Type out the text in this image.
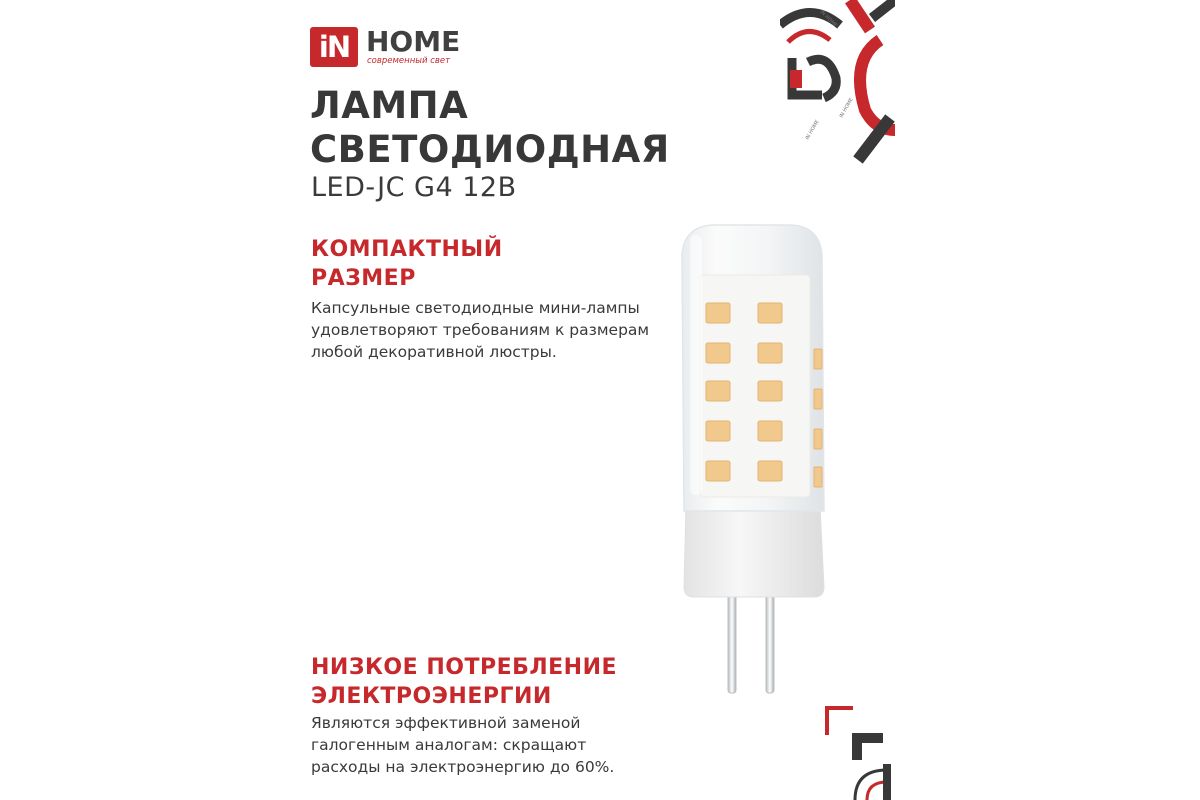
iN HOME
современный свет
ЛАМПА
СВЕТОДИОДНАЯ
LED-JC G4 12В
КОМПАКТНЫЙ
РАЗМЕР
Капсульные светодиодные мини-лампы
удовлетворяют требованиям к размерам
любой декоративной люстры.
НИЗКОЕ ПОТРЕБЛЕНИЕ
ЭЛЕКТРОЭНЕРГИИ
Являются эффективной заменой
галогенным аналогам: скращают
расходы на электроэнергию до 60%.
IN HOME
IN HOME
IN HOME
